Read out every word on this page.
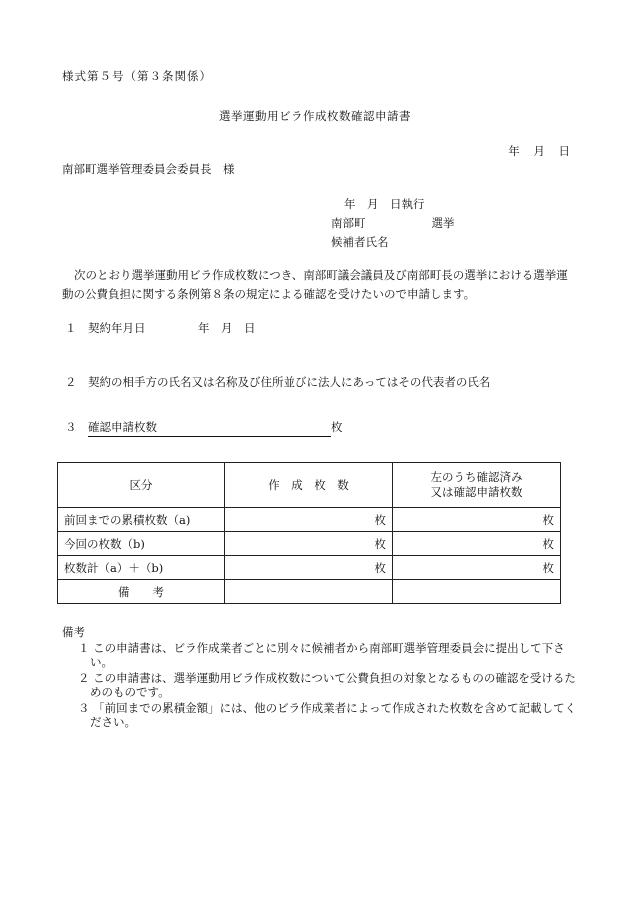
様式第５号（第３条関係）
選挙運動用ビラ作成枚数確認申請書
年 月 日
南部町選挙管理委員会委員長　様
年　月　日執行
南部町	選挙
候補者氏名
次のとおり選挙運動用ビラ作成枚数につき、南部町議会議員及び南部町長の選挙における選挙運動の公費負担に関する条例第８条の規定による確認を受けたいので申請します。
１ 契約年月日	年　月　日
２ 契約の相手方の氏名又は名称及び住所並びに法人にあってはその代表者の氏名
３ 確認申請枚数	枚
区分	作　成　枚　数	左のうち確認済み
又は確認申請枚数
前回までの累積枚数（a)	枚	枚
今回の枚数（b)	枚	枚
枚数計（a）＋（b)	枚	枚
備　　考		
備考
１ この申請書は、ビラ作成業者ごとに別々に候補者から南部町選挙管理委員会に提出して下さい。
２ この申請書は、選挙運動用ビラ作成枚数について公費負担の対象となるものの確認を受けるためのものです。
３ 「前回までの累積金額」には、他のビラ作成業者によって作成された枚数を含めて記載してください。
